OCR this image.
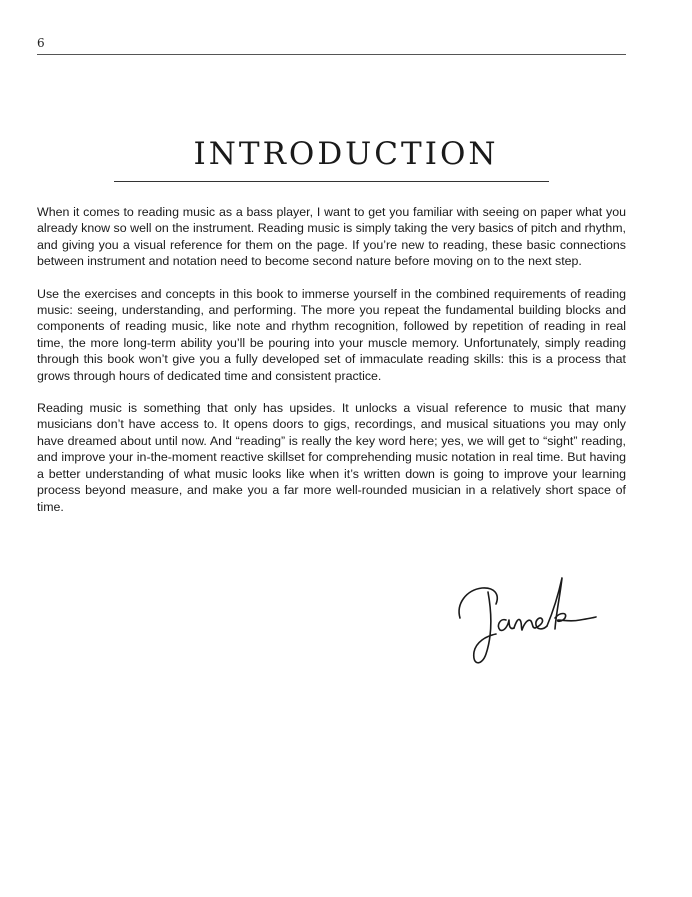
6
INTRODUCTION

When it comes to reading music as a bass player, I want to get you familiar with seeing on paper what you already know so well on the instrument. Reading music is simply taking the very basics of pitch and rhythm, and giving you a visual reference for them on the page. If you’re new to reading, these basic connections between instrument and notation need to become second nature before moving on to the next step.

Use the exercises and concepts in this book to immerse yourself in the combined requirements of reading music: seeing, understanding, and performing. The more you repeat the fundamental building blocks and components of reading music, like note and rhythm recognition, followed by repetition of reading in real time, the more long-term ability you’ll be pouring into your muscle memory. Unfortunately, simply reading through this book won’t give you a fully developed set of immaculate reading skills: this is a process that grows through hours of dedicated time and consistent practice.

Reading music is something that only has upsides. It unlocks a visual reference to music that many musicians don’t have access to. It opens doors to gigs, recordings, and musical situations you may only have dreamed about until now. And “reading” is really the key word here; yes, we will get to “sight” reading, and improve your in-the-moment reactive skillset for comprehending music notation in real time. But having a better understanding of what music looks like when it’s written down is going to improve your learning process beyond measure, and make you a far more well-rounded musician in a relatively short space of time.
